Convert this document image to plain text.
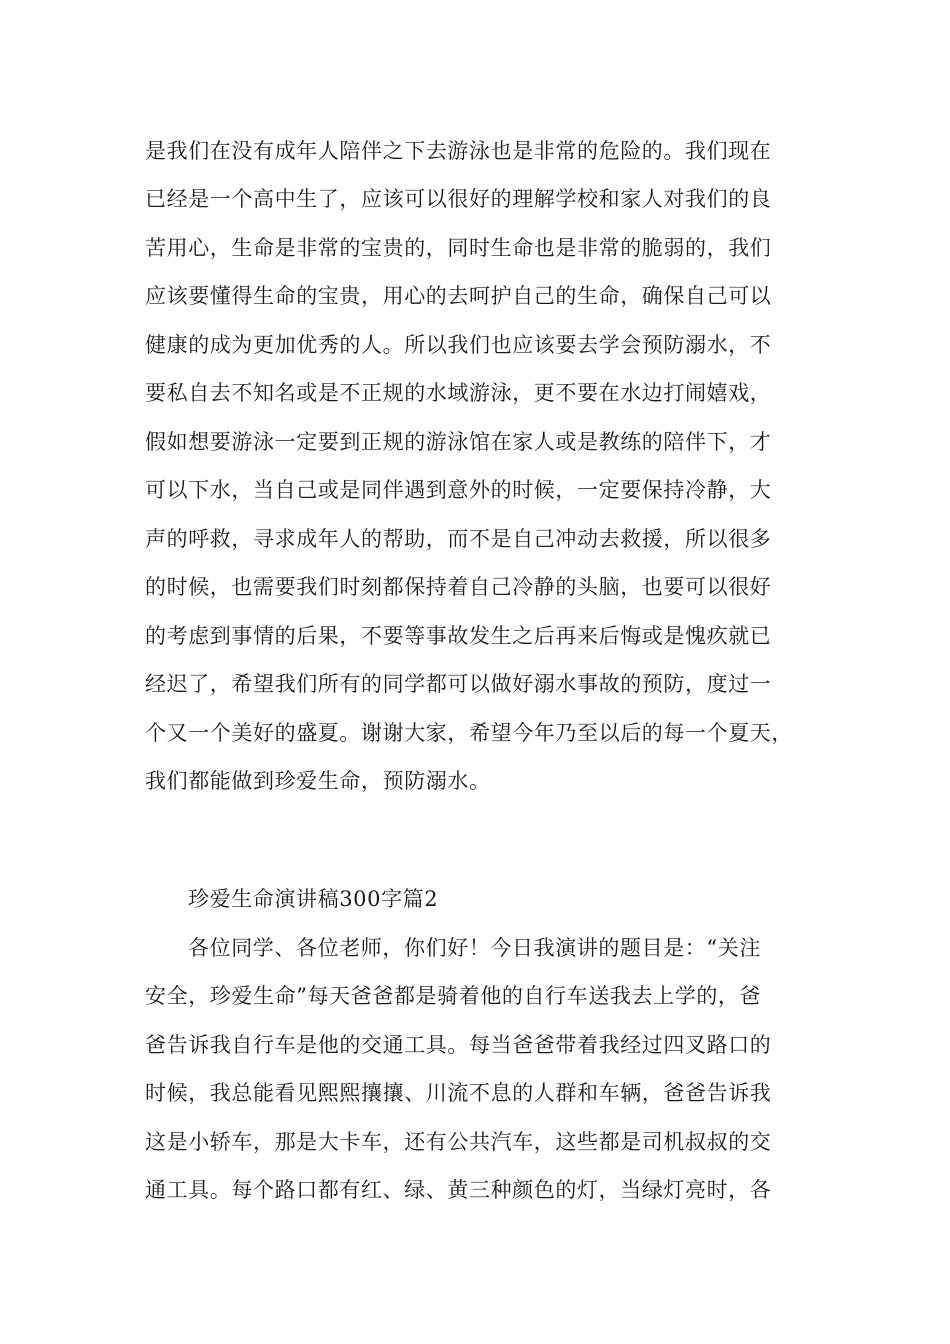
是我们在没有成年人陪伴之下去游泳也是非常的危险的。我们现在
已经是一个高中生了，应该可以很好的理解学校和家人对我们的良
苦用心，生命是非常的宝贵的，同时生命也是非常的脆弱的，我们
应该要懂得生命的宝贵，用心的去呵护自己的生命，确保自己可以
健康的成为更加优秀的人。所以我们也应该要去学会预防溺水，不
要私自去不知名或是不正规的水域游泳，更不要在水边打闹嬉戏，
假如想要游泳一定要到正规的游泳馆在家人或是教练的陪伴下，才
可以下水，当自己或是同伴遇到意外的时候，一定要保持冷静，大
声的呼救，寻求成年人的帮助，而不是自己冲动去救援，所以很多
的时候，也需要我们时刻都保持着自己冷静的头脑，也要可以很好
的考虑到事情的后果，不要等事故发生之后再来后悔或是愧疚就已
经迟了，希望我们所有的同学都可以做好溺水事故的预防，度过一
个又一个美好的盛夏。谢谢大家，希望今年乃至以后的每一个夏天，
我们都能做到珍爱生命，预防溺水。
珍爱生命演讲稿300字篇2
各位同学、各位老师，你们好！今日我演讲的题目是：“关注
安全，珍爱生命”每天爸爸都是骑着他的自行车送我去上学的，爸
爸告诉我自行车是他的交通工具。每当爸爸带着我经过四叉路口的
时候，我总能看见熙熙攘攘、川流不息的人群和车辆，爸爸告诉我
这是小轿车，那是大卡车，还有公共汽车，这些都是司机叔叔的交
通工具。每个路口都有红、绿、黄三种颜色的灯，当绿灯亮时，各
